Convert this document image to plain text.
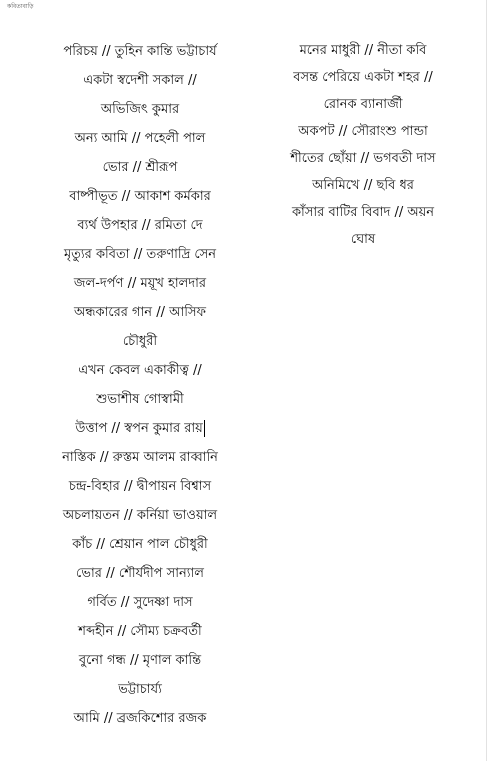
কবিতাবাড়ি
পরিচয় // তুহিন কান্তি ভট্টাচার্য
একটা স্বদেশী সকাল //
অভিজিৎ কুমার
অন্য আমি // পহেলী পাল
ভোর // শ্রীরূপ
বাষ্পীভূত // আকাশ কর্মকার
ব্যর্থ উপহার // রমিতা দে
মৃত্যুর কবিতা // তরুণাদ্রি সেন
জল-দর্পণ // ময়ূখ হালদার
অন্ধকারের গান // আসিফ
চৌধুরী
এখন কেবল একাকীত্ব //
শুভাশীষ গোস্বামী
উত্তাপ // স্বপন কুমার রায়
নাস্তিক // রুস্তম আলম রাব্বানি
চন্দ্র-বিহার // দ্বীপায়ন বিশ্বাস
অচলায়তন // কর্নিয়া ভাওয়াল
কাঁচ // শ্রেয়ান পাল চৌধুরী
ভোর // শৌর্যদীপ সান্যাল
গর্বিত // সুদেষ্ণা দাস
শব্দহীন // সৌম্য চক্রবর্তী
বুনো গন্ধ // মৃণাল কান্তি
ভট্টাচার্য্য
আমি // ব্রজকিশোর রজক
মনের মাধুরী // নীতা কবি
বসন্ত পেরিয়ে একটা শহর //
রোনক ব্যানার্জী
অকপট // সৌরাংশু পান্ডা
শীতের ছোঁয়া // ভগবতী দাস
অনিমিখে // ছবি ধর
কাঁসার বাটির বিবাদ // অয়ন
ঘোষ
